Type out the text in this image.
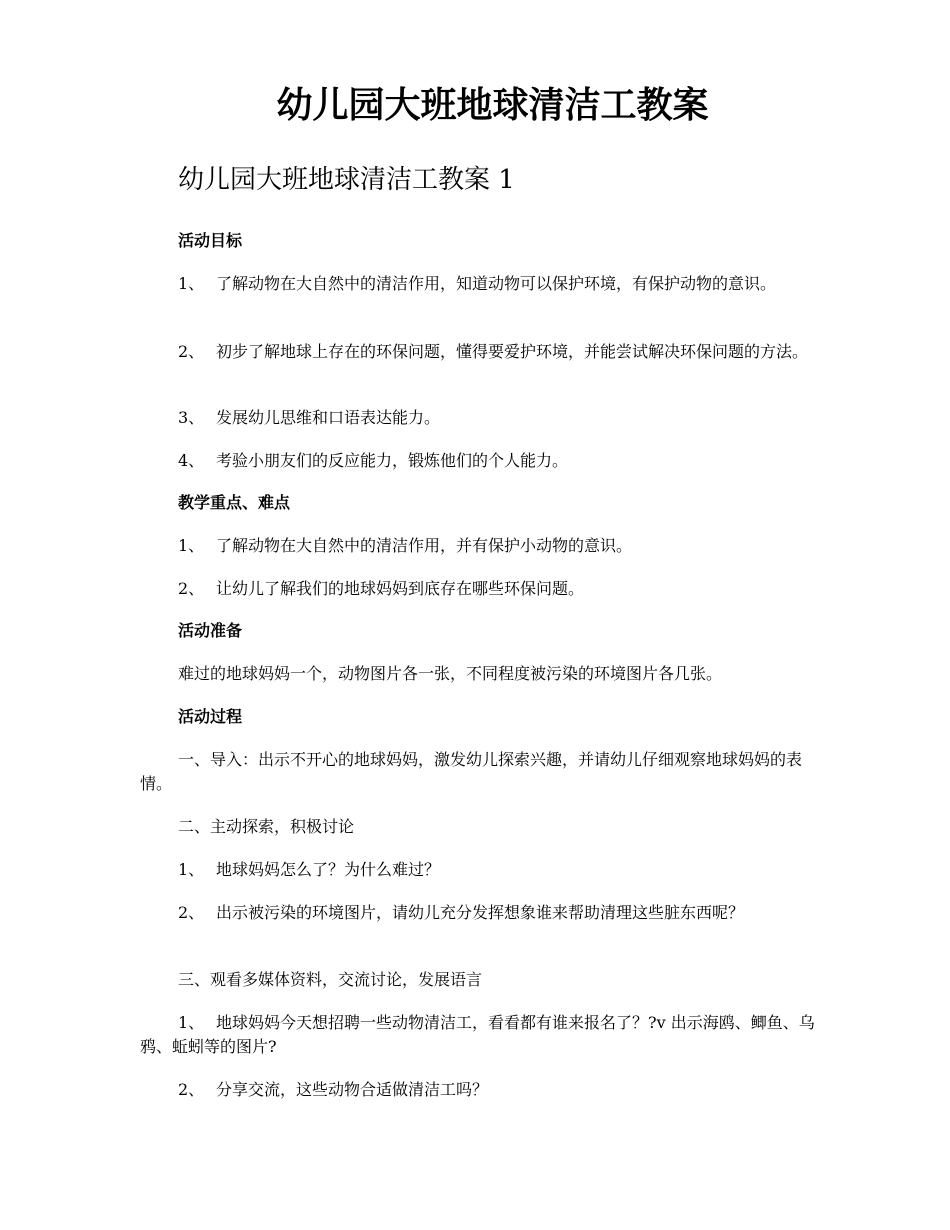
幼儿园大班地球清洁工教案
幼儿园大班地球清洁工教案 1

活动目标

1、 了解动物在大自然中的清洁作用，知道动物可以保护环境，有保护动物的意识。

2、 初步了解地球上存在的环保问题，懂得要爱护环境，并能尝试解决环保问题的方法。

3、 发展幼儿思维和口语表达能力。

4、 考验小朋友们的反应能力，锻炼他们的个人能力。

教学重点、难点

1、 了解动物在大自然中的清洁作用，并有保护小动物的意识。

2、 让幼儿了解我们的地球妈妈到底存在哪些环保问题。

活动准备

难过的地球妈妈一个，动物图片各一张，不同程度被污染的环境图片各几张。

活动过程

一、导入：出示不开心的地球妈妈，激发幼儿探索兴趣，并请幼儿仔细观察地球妈妈的表情。

二、主动探索，积极讨论

1、 地球妈妈怎么了？为什么难过？

2、 出示被污染的环境图片，请幼儿充分发挥想象谁来帮助清理这些脏东西呢？

三、观看多媒体资料，交流讨论，发展语言

1、 地球妈妈今天想招聘一些动物清洁工，看看都有谁来报名了？?v 出示海鸥、鲫鱼、乌鸦、蚯蚓等的图片?

2、 分享交流，这些动物合适做清洁工吗？
